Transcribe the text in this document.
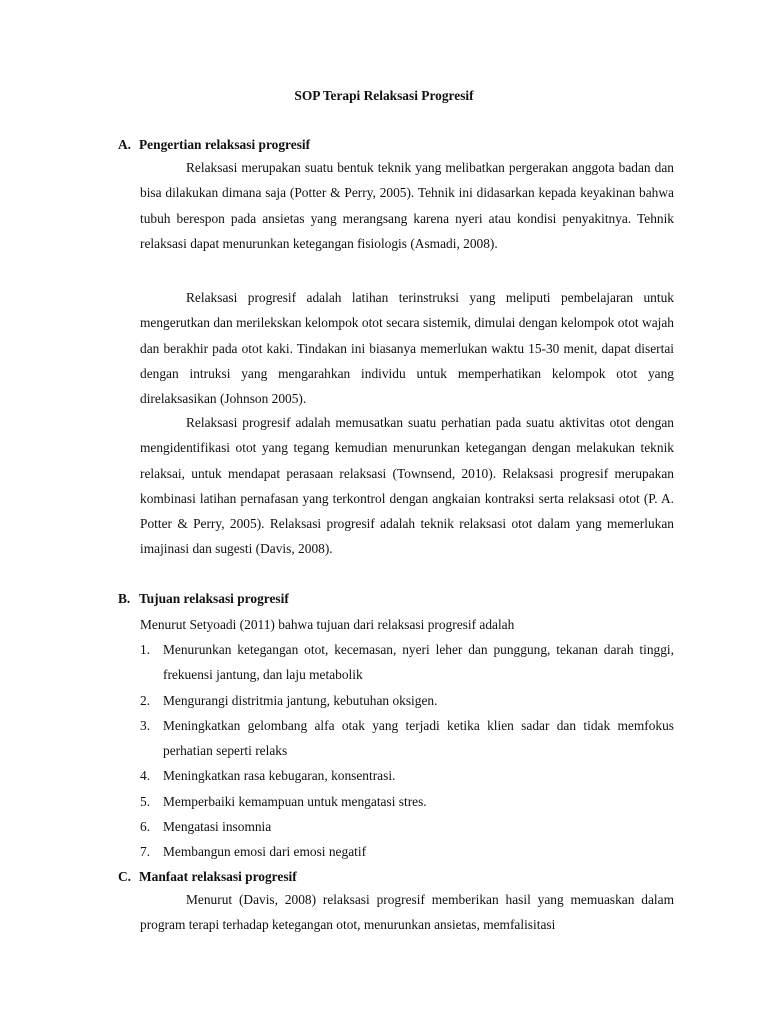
SOP Terapi Relaksasi Progresif
A. Pengertian relaksasi progresif

Relaksasi merupakan suatu bentuk teknik yang melibatkan pergerakan anggota badan dan bisa dilakukan dimana saja (Potter & Perry, 2005). Tehnik ini didasarkan kepada keyakinan bahwa tubuh berespon pada ansietas yang merangsang karena nyeri atau kondisi penyakitnya. Tehnik relaksasi dapat menurunkan ketegangan fisiologis (Asmadi, 2008).

Relaksasi progresif adalah latihan terinstruksi yang meliputi pembelajaran untuk mengerutkan dan merilekskan kelompok otot secara sistemik, dimulai dengan kelompok otot wajah dan berakhir pada otot kaki. Tindakan ini biasanya memerlukan waktu 15-30 menit, dapat disertai dengan intruksi yang mengarahkan individu untuk memperhatikan kelompok otot yang direlaksasikan (Johnson 2005).

Relaksasi progresif adalah memusatkan suatu perhatian pada suatu aktivitas otot dengan mengidentifikasi otot yang tegang kemudian menurunkan ketegangan dengan melakukan teknik relaksai, untuk mendapat perasaan relaksasi (Townsend, 2010). Relaksasi progresif merupakan kombinasi latihan pernafasan yang terkontrol dengan angkaian kontraksi serta relaksasi otot (P. A. Potter & Perry, 2005). Relaksasi progresif adalah teknik relaksasi otot dalam yang memerlukan imajinasi dan sugesti (Davis, 2008).

B. Tujuan relaksasi progresif

Menurut Setyoadi (2011) bahwa tujuan dari relaksasi progresif adalah

1. Menurunkan ketegangan otot, kecemasan, nyeri leher dan punggung, tekanan darah tinggi, frekuensi jantung, dan laju metabolik
2. Mengurangi distritmia jantung, kebutuhan oksigen.
3. Meningkatkan gelombang alfa otak yang terjadi ketika klien sadar dan tidak memfokus perhatian seperti relaks
4. Meningkatkan rasa kebugaran, konsentrasi.
5. Memperbaiki kemampuan untuk mengatasi stres.
6. Mengatasi insomnia
7. Membangun emosi dari emosi negatif
C. Manfaat relaksasi progresif

Menurut (Davis, 2008) relaksasi progresif memberikan hasil yang memuaskan dalam program terapi terhadap ketegangan otot, menurunkan ansietas, memfalisitasi
